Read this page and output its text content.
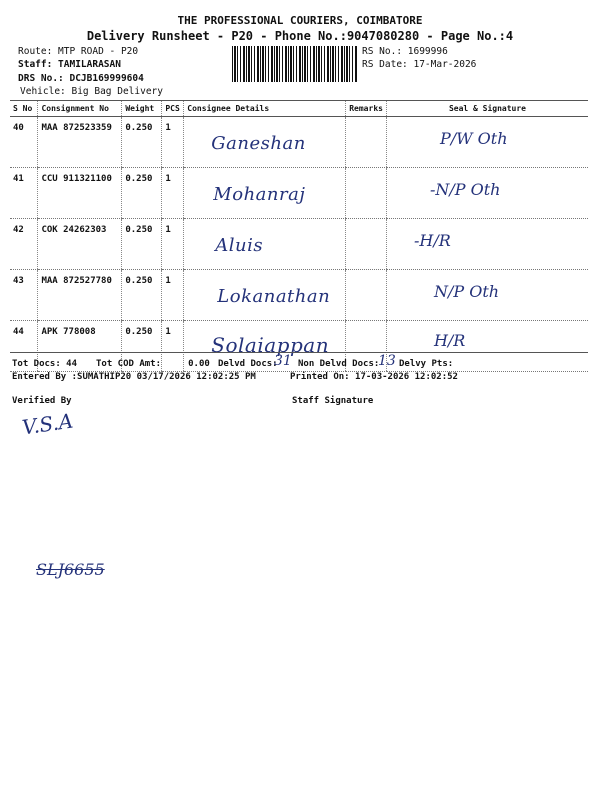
THE PROFESSIONAL COURIERS, COIMBATORE
Delivery Runsheet - P20 - Phone No.:9047080280 - Page No.:4
Route: MTP ROAD - P20
Staff: TAMILARASAN
DRS No.: DCJB169999604
Vehicle: Big Bag Delivery
RS No.: 1699996
RS Date: 17-Mar-2026
S No	Consignment No	Weight	PCS	Consignee Details	Remarks	Seal & Signature
40	MAA 872523359	0.250	1	Ganeshan		P/W Oth

41	CCU 911321100	0.250	1	Mohanraj		-N/P Oth

42	COK 24262303	0.250	1	Aluis		-H/R

43	MAA 872527780	0.250	1	Lokanathan		N/P Oth

44	APK 778008	0.250	1	Solaiappan		H/R
Tot Docs: 44 Tot COD Amt:     0.00 Delvd Docs:
31 Non Delvd Docs:
13 Delvy Pts:
Entered By :SUMATHIP20 03/17/2026 12:02:25 PM	Printed On: 17-03-2026 12:02:52
Verified By	Staff Signature
V.S.A
SLJ6655
